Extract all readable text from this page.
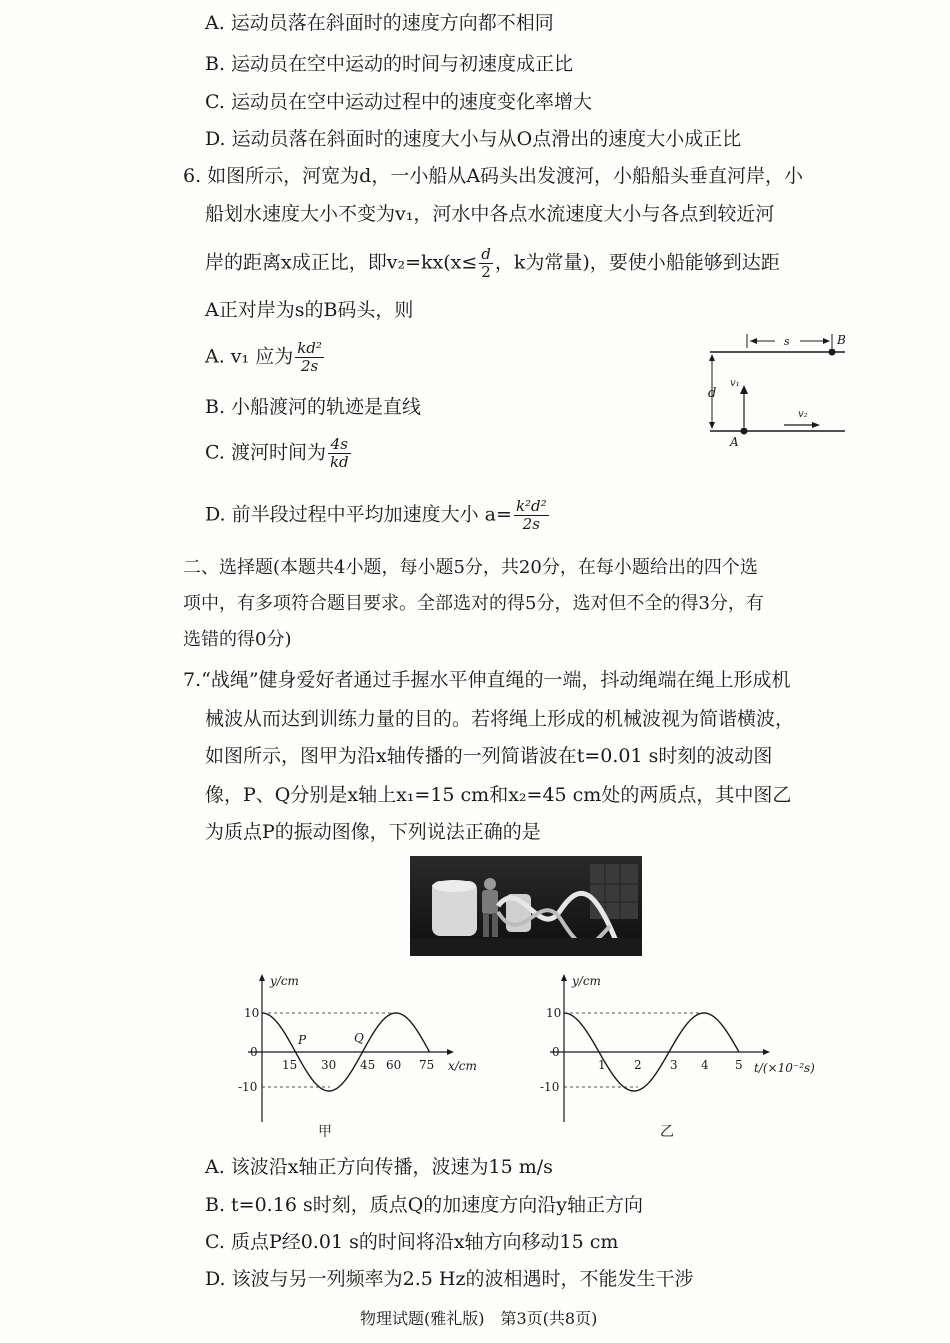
A. 运动员落在斜面时的速度方向都不相同
B. 运动员在空中运动的时间与初速度成正比
C. 运动员在空中运动过程中的速度变化率增大
D. 运动员落在斜面时的速度大小与从O点滑出的速度大小成正比
6. 如图所示，河宽为d，一小船从A码头出发渡河，小船船头垂直河岸，小
船划水速度大小不变为v₁，河水中各点水流速度大小与各点到较近河
岸的距离x成正比，即$v_2=kx(x\le \frac{d}{2}$ ，k为常量)，要使小船能够到达距
A正对岸为s的B码头，则
A. v₁ 应为 $\frac{\text{kd²}}{2s}$
B. 小船渡河的轨迹是直线
C. 渡河时间为 $\frac{4s}{kd}$
D. 前半段过程中平均加速度大小 $a= \frac{\text{k²d²}}{2s}$
s	B
d
v₁
v₂
A
二、选择题(本题共4小题，每小题5分，共20分，在每小题给出的四个选
项中，有多项符合题目要求。全部选对的得5分，选对但不全的得3分，有
选错的得0分)
7.“战绳”健身爱好者通过手握水平伸直绳的一端，抖动绳端在绳上形成机
械波从而达到训练力量的目的。若将绳上形成的机械波视为简谐横波，
如图所示，图甲为沿x轴传播的一列简谐波在t=0.01 s时刻的波动图
像，P、Q分别是x轴上x₁=15 cm和x₂=45 cm处的两质点，其中图乙
为质点P的振动图像，下列说法正确的是
y/cm
10
0
-10
15 30 45 60 75 x/cm
P	Q
甲
y/cm
10
0
-10
1 2 3 4 5 t/(×10⁻²s)
乙
A. 该波沿x轴正方向传播，波速为15 m/s
B. t=0.16 s时刻，质点Q的加速度方向沿y轴正方向
C. 质点P经0.01 s的时间将沿x轴方向移动15 cm
D. 该波与另一列频率为2.5 Hz的波相遇时，不能发生干涉
物理试题(雅礼版)　第3页(共8页)
